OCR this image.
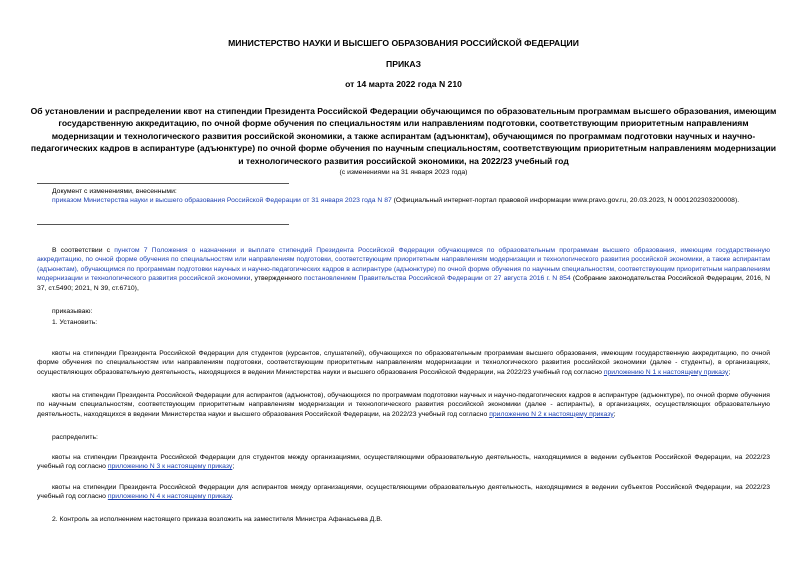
МИНИСТЕРСТВО НАУКИ И ВЫСШЕГО ОБРАЗОВАНИЯ РОССИЙСКОЙ ФЕДЕРАЦИИ
ПРИКАЗ
от 14 марта 2022 года N 210
Об установлении и распределении квот на стипендии Президента Российской Федерации обучающимся по образовательным программам высшего образования, имеющим государственную аккредитацию, по очной форме обучения по специальностям или направлениям подготовки, соответствующим приоритетным направлениям модернизации и технологического развития российской экономики, а также аспирантам (адъюнктам), обучающимся по программам подготовки научных и научно-педагогических кадров в аспирантуре (адъюнктуре) по очной форме обучения по научным специальностям, соответствующим приоритетным направлениям модернизации и технологического развития российской экономики, на 2022/23 учебный год
(с изменениями на 31 января 2023 года)
Документ с изменениями, внесенными:
приказом Министерства науки и высшего образования Российской Федерации от 31 января 2023 года N 87 (Официальный интернет-портал правовой информации www.pravo.gov.ru, 20.03.2023, N 0001202303200008).
В соответствии с пунктом 7 Положения о назначении и выплате стипендий Президента Российской Федерации обучающимся по образовательным программам высшего образования, имеющим государственную аккредитацию, по очной форме обучения по специальностям или направлениям подготовки, соответствующим приоритетным направлениям модернизации и технологического развития российской экономики, а также аспирантам (адъюнктам), обучающимся по программам подготовки научных и научно-педагогических кадров в аспирантуре (адъюнктуре) по очной форме обучения по научным специальностям, соответствующим приоритетным направлениям модернизации и технологического развития российской экономики, утвержденного постановлением Правительства Российской Федерации от 27 августа 2016 г. N 854 (Собрание законодательства Российской Федерации, 2016, N 37, ст.5490; 2021, N 39, ст.6710),
приказываю:
1. Установить:
квоты на стипендии Президента Российской Федерации для студентов (курсантов, слушателей), обучающихся по образовательным программам высшего образования, имеющим государственную аккредитацию, по очной форме обучения по специальностям или направлениям подготовки, соответствующим приоритетным направлениям модернизации и технологического развития российской экономики (далее - студенты), в организациях, осуществляющих образовательную деятельность, находящихся в ведении Министерства науки и высшего образования Российской Федерации, на 2022/23 учебный год согласно приложению N 1 к настоящему приказу;
квоты на стипендии Президента Российской Федерации для аспирантов (адъюнктов), обучающихся по программам подготовки научных и научно-педагогических кадров в аспирантуре (адъюнктуре), по очной форме обучения по научным специальностям, соответствующим приоритетным направлениям модернизации и технологического развития российской экономики (далее - аспиранты), в организациях, осуществляющих образовательную деятельность, находящихся в ведении Министерства науки и высшего образования Российской Федерации, на 2022/23 учебный год согласно приложению N 2 к настоящему приказу;
распределить:
квоты на стипендии Президента Российской Федерации для студентов между организациями, осуществляющими образовательную деятельность, находящимися в ведении субъектов Российской Федерации, на 2022/23 учебный год согласно приложению N 3 к настоящему приказу;
квоты на стипендии Президента Российской Федерации для аспирантов между организациями, осуществляющими образовательную деятельность, находящимися в ведении субъектов Российской Федерации, на 2022/23 учебный год согласно приложению N 4 к настоящему приказу.
2. Контроль за исполнением настоящего приказа возложить на заместителя Министра Афанасьева Д.В.
